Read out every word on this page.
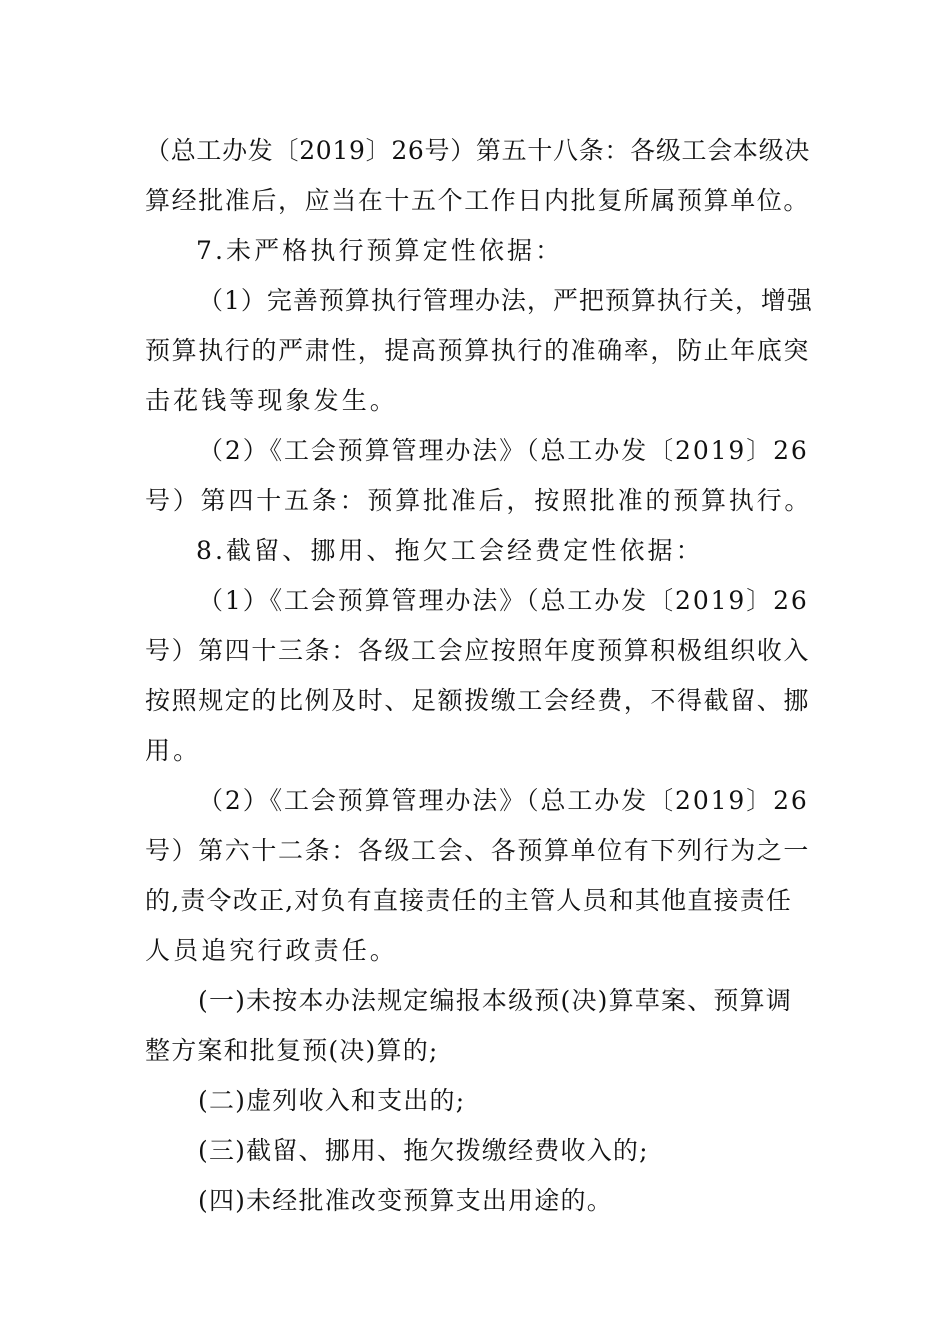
（总工办发〔2019〕26号）第五十八条：各级工会本级决
算经批准后，应当在十五个工作日内批复所属预算单位。
7.未严格执行预算定性依据：
（1）完善预算执行管理办法，严把预算执行关，增强
预算执行的严肃性，提高预算执行的准确率，防止年底突
击花钱等现象发生。
（2）《工会预算管理办法》（总工办发〔2019〕26
号）第四十五条：预算批准后，按照批准的预算执行。
8.截留、挪用、拖欠工会经费定性依据：
（1）《工会预算管理办法》（总工办发〔2019〕26
号）第四十三条：各级工会应按照年度预算积极组织收入
按照规定的比例及时、足额拨缴工会经费，不得截留、挪
用。
（2）《工会预算管理办法》（总工办发〔2019〕26
号）第六十二条：各级工会、各预算单位有下列行为之一
的,责令改正,对负有直接责任的主管人员和其他直接责任
人员追究行政责任。
(一)未按本办法规定编报本级预(决)算草案、预算调
整方案和批复预(决)算的;
(二)虚列收入和支出的;
(三)截留、挪用、拖欠拨缴经费收入的;
(四)未经批准改变预算支出用途的。
